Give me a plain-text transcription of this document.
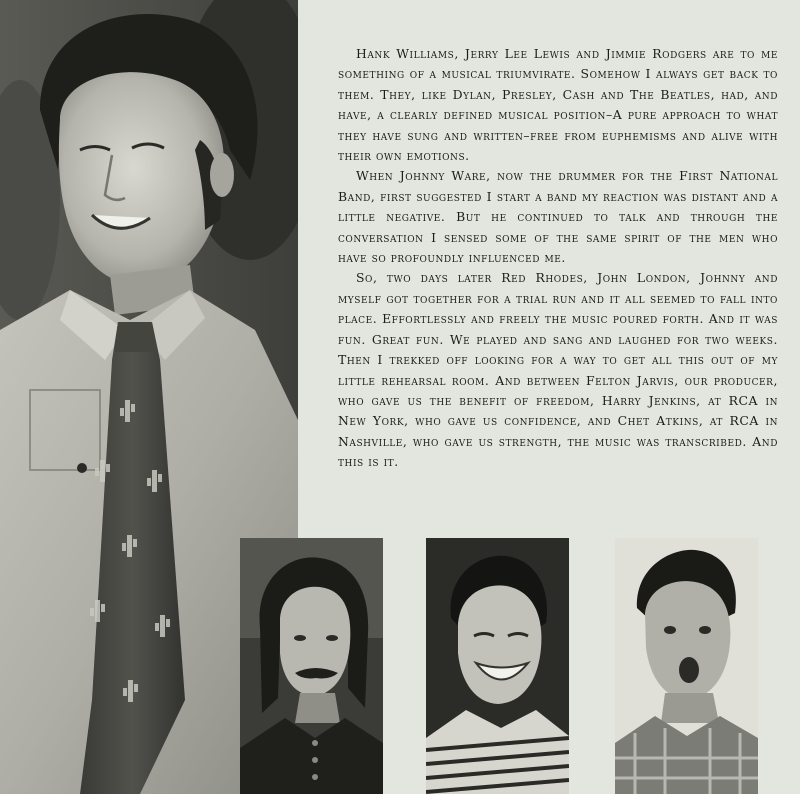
Hank Williams, Jerry Lee Lewis and Jimmie Rodgers are to me something of a musical triumvirate. Somehow I always get back to them. They, like Dylan, Presley, Cash and The Beatles, had, and have, a clearly defined musical position–A pure approach to what they have sung and written–free from euphemisms and alive with their own emotions.

When Johnny Ware, now the drummer for the First National Band, first suggested I start a band my reaction was distant and a little negative. But he continued to talk and through the conversation I sensed some of the same spirit of the men who have so profoundly influenced me.

So, two days later Red Rhodes, John London, Johnny and myself got together for a trial run and it all seemed to fall into place. Effortlessly and freely the music poured forth. And it was fun. Great fun. We played and sang and laughed for two weeks. Then I trekked off looking for a way to get all this out of my little rehearsal room. And between Felton Jarvis, our producer, who gave us the benefit of freedom, Harry Jenkins, at RCA in New York, who gave us confidence, and Chet Atkins, at RCA in Nashville, who gave us strength, the music was transcribed. And this is it.
